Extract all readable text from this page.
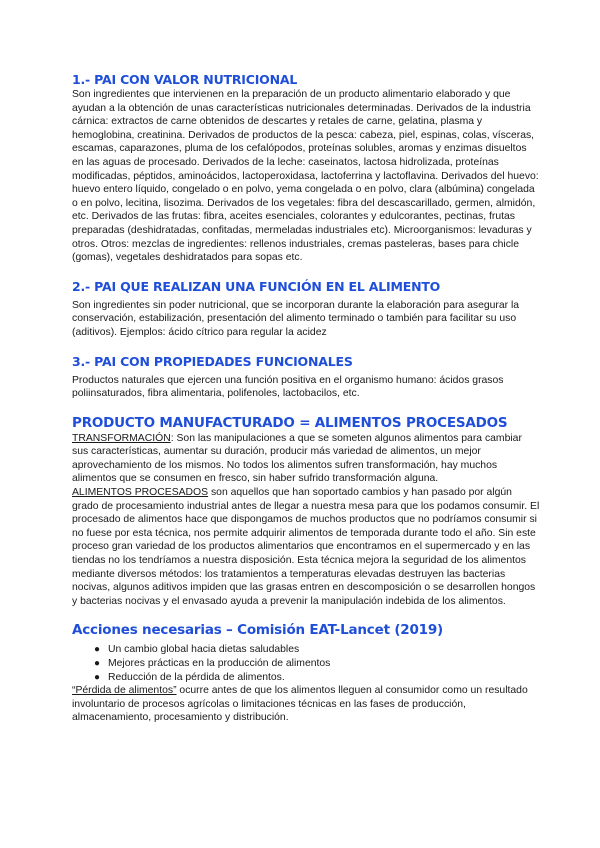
1.- PAI CON VALOR NUTRICIONAL

Son ingredientes que intervienen en la preparación de un producto alimentario elaborado y que ayudan a la obtención de unas características nutricionales determinadas. Derivados de la industria cárnica: extractos de carne obtenidos de descartes y retales de carne, gelatina, plasma y hemoglobina, creatinina. Derivados de productos de la pesca: cabeza, piel, espinas, colas, vísceras, escamas, caparazones, pluma de los cefalópodos, proteínas solubles, aromas y enzimas disueltos en las aguas de procesado. Derivados de la leche: caseinatos, lactosa hidrolizada, proteínas modificadas, péptidos, aminoácidos, lactoperoxidasa, lactoferrina y lactoflavina. Derivados del huevo: huevo entero líquido, congelado o en polvo, yema congelada o en polvo, clara (albúmina) congelada o en polvo, lecitina, lisozima. Derivados de los vegetales: fibra del descascarillado, germen, almidón, etc. Derivados de las frutas: fibra, aceites esenciales, colorantes y edulcorantes, pectinas, frutas preparadas (deshidratadas, confitadas, mermeladas industriales etc). Microorganismos: levaduras y otros. Otros: mezclas de ingredientes: rellenos industriales, cremas pasteleras, bases para chicle (gomas), vegetales deshidratados para sopas etc.

2.- PAI QUE REALIZAN UNA FUNCIÓN EN EL ALIMENTO

Son ingredientes sin poder nutricional, que se incorporan durante la elaboración para asegurar la conservación, estabilización, presentación del alimento terminado o también para facilitar su uso (aditivos). Ejemplos: ácido cítrico para regular la acidez

3.- PAI CON PROPIEDADES FUNCIONALES

Productos naturales que ejercen una función positiva en el organismo humano: ácidos grasos poliinsaturados, fibra alimentaria, polifenoles, lactobacilos, etc.

PRODUCTO MANUFACTURADO = ALIMENTOS PROCESADOS

TRANSFORMACIÓN: Son las manipulaciones a que se someten algunos alimentos para cambiar sus características, aumentar su duración, producir más variedad de alimentos, un mejor aprovechamiento de los mismos. No todos los alimentos sufren transformación, hay muchos alimentos que se consumen en fresco, sin haber sufrido transformación alguna.

ALIMENTOS PROCESADOS son aquellos que han soportado cambios y han pasado por algún grado de procesamiento industrial antes de llegar a nuestra mesa para que los podamos consumir. El procesado de alimentos hace que dispongamos de muchos productos que no podríamos consumir si no fuese por esta técnica, nos permite adquirir alimentos de temporada durante todo el año. Sin este proceso gran variedad de los productos alimentarios que encontramos en el supermercado y en las tiendas no los tendríamos a nuestra disposición. Esta técnica mejora la seguridad de los alimentos mediante diversos métodos: los tratamientos a temperaturas elevadas destruyen las bacterias nocivas, algunos aditivos impiden que las grasas entren en descomposición o se desarrollen hongos y bacterias nocivas y el envasado ayuda a prevenir la manipulación indebida de los alimentos.

Acciones necesarias – Comisión EAT-Lancet (2019)
● Un cambio global hacia dietas saludables
● Mejores prácticas en la producción de alimentos
● Reducción de la pérdida de alimentos.

“Pérdida de alimentos” ocurre antes de que los alimentos lleguen al consumidor como un resultado involuntario de procesos agrícolas o limitaciones técnicas en las fases de producción, almacenamiento, procesamiento y distribución.
